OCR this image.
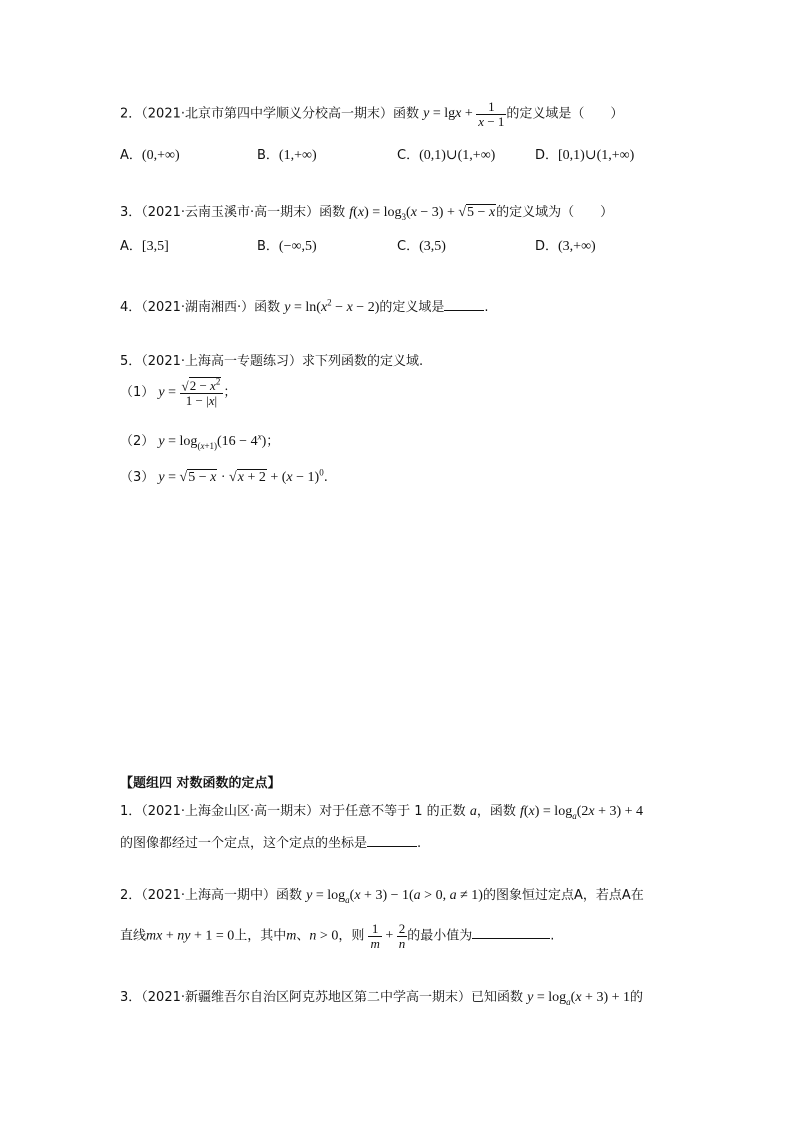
2．（2021·北京市第四中学顺义分校高一期末）函数 $y = \lg x + \frac{1}{x - 1}$ 的定义域是（　　）
A．(0,+∞)	B．(1,+∞)	C．(0,1)∪(1,+∞)	D．[0,1)∪(1,+∞)
3．（2021·云南玉溪市·高一期末）函数 $f(x) = \log_3(x - 3) + √5 - x$的定义域为（　　）
A．[3,5]	B．(−∞,5)	C．(3,5)	D．(3,+∞)
4．（2021·湖南湘西·）函数 $y = \ln(x^2 - x - 2)$的定义域是	.
5．（2021·上海高一专题练习）求下列函数的定义域.
（1） $y = \frac{√2 - x^2}{1 - |x|}$ ；
（2） $y = \log_{(x+1)}(16 - 4^x)$；
（3） $y = √5 - x \cdot √x + 2 + (x - 1)^0$.
【题组四 对数函数的定点】
1．（2021·上海金山区·高一期末）对于任意不等于 1 的正数 a，函数 $f(x) = \log_a(2x + 3) + 4$
的图像都经过一个定点，这个定点的坐标是	.
2．（2021·上海高一期中）函数 $y = \log_a(x + 3) - 1(a > 0$, a ≠ 1)的图象恒过定点A，若点A在
直线mx + ny + 1 = 0上，其中m、n > 0，则 $\frac{1}{m} + \frac{2}{n}$ 的最小值为	.
3．（2021·新疆维吾尔自治区阿克苏地区第二中学高一期末）已知函数 $y = \log_a(x + 3) + 1$的
